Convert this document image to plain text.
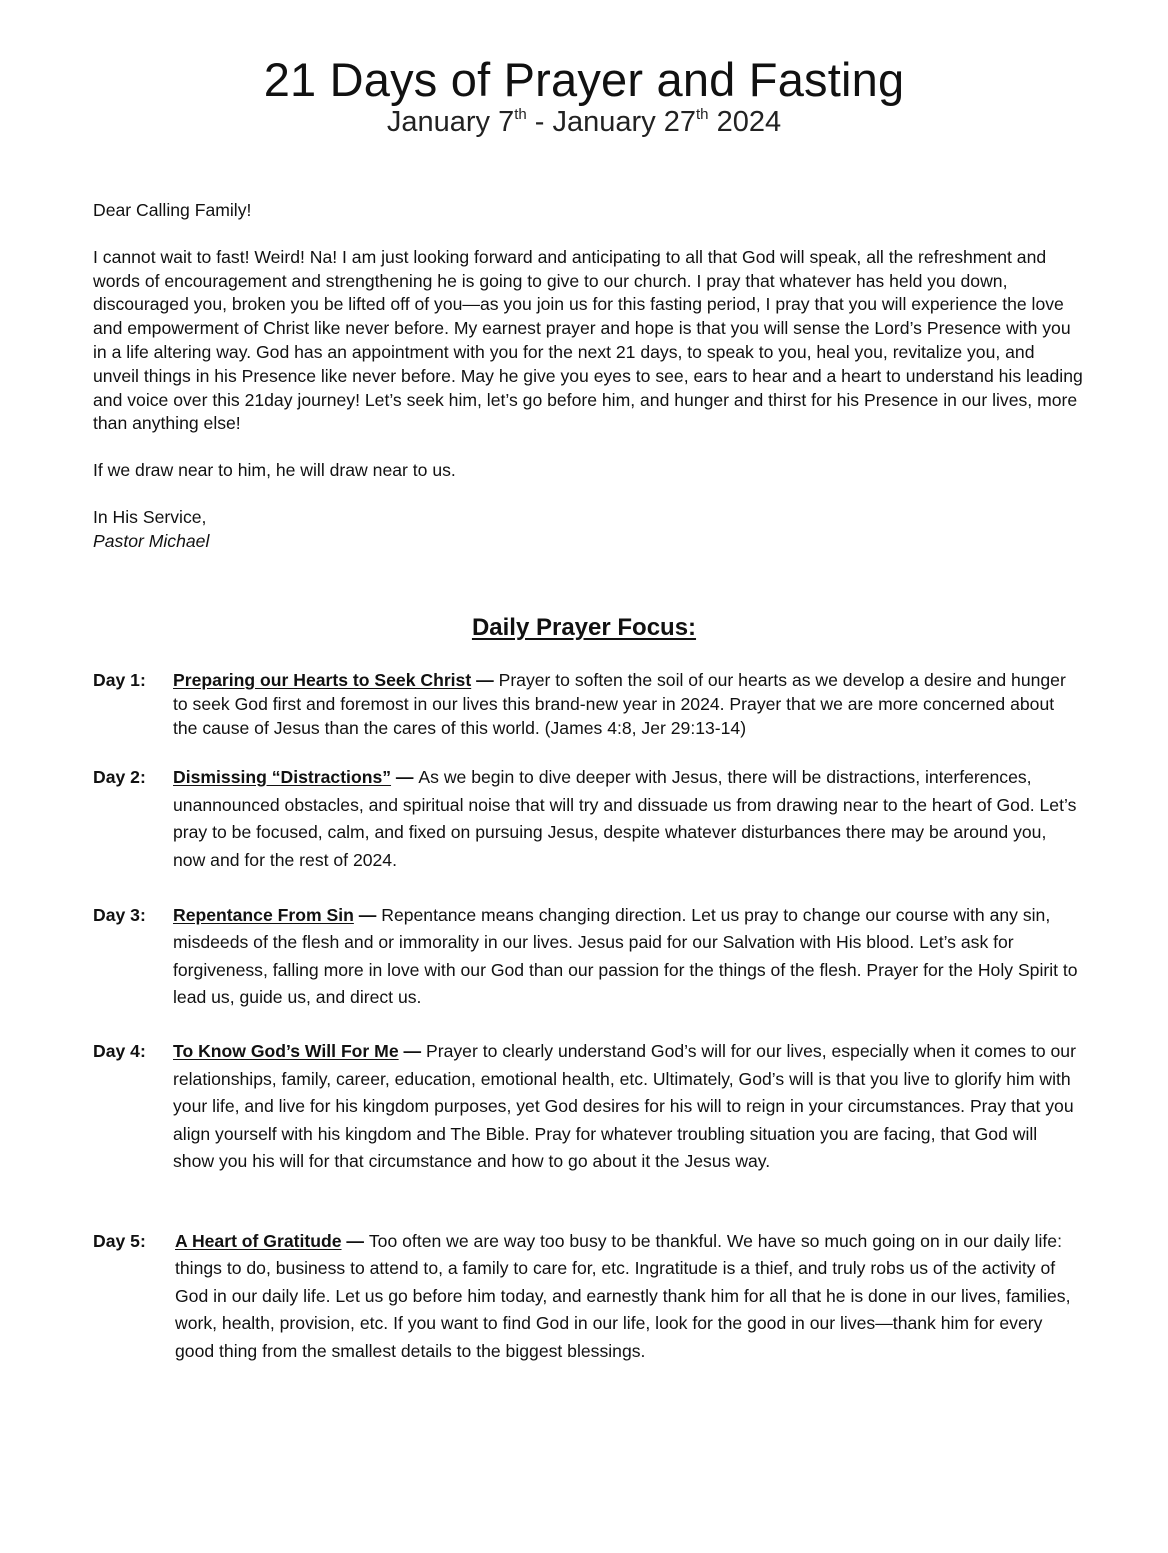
21 Days of Prayer and Fasting
January 7th - January 27th 2024

Dear Calling Family!

I cannot wait to fast! Weird! Na! I am just looking forward and anticipating to all that God will speak, all the refreshment and words of encouragement and strengthening he is going to give to our church. I pray that whatever has held you down, discouraged you, broken you be lifted off of you—as you join us for this fasting period, I pray that you will experience the love and empowerment of Christ like never before. My earnest prayer and hope is that you will sense the Lord’s Presence with you in a life altering way. God has an appointment with you for the next 21 days, to speak to you, heal you, revitalize you, and unveil things in his Presence like never before. May he give you eyes to see, ears to hear and a heart to understand his leading and voice over this 21day journey! Let’s seek him, let’s go before him, and hunger and thirst for his Presence in our lives, more than anything else!

If we draw near to him, he will draw near to us.

In His Service,

Pastor Michael

Daily Prayer Focus:
Day 1: Preparing our Hearts to Seek Christ — Prayer to soften the soil of our hearts as we develop a desire and hunger to seek God first and foremost in our lives this brand-new year in 2024. Prayer that we are more concerned about the cause of Jesus than the cares of this world. (James 4:8, Jer 29:13-14)
Day 2: Dismissing “Distractions” — As we begin to dive deeper with Jesus, there will be distractions, interferences, unannounced obstacles, and spiritual noise that will try and dissuade us from drawing near to the heart of God. Let’s pray to be focused, calm, and fixed on pursuing Jesus, despite whatever disturbances there may be around you, now and for the rest of 2024.
Day 3: Repentance From Sin — Repentance means changing direction. Let us pray to change our course with any sin, misdeeds of the flesh and or immorality in our lives. Jesus paid for our Salvation with His blood. Let’s ask for forgiveness, falling more in love with our God than our passion for the things of the flesh. Prayer for the Holy Spirit to lead us, guide us, and direct us.
Day 4: To Know God’s Will For Me — Prayer to clearly understand God’s will for our lives, especially when it comes to our relationships, family, career, education, emotional health, etc. Ultimately, God’s will is that you live to glorify him with your life, and live for his kingdom purposes, yet God desires for his will to reign in your circumstances. Pray that you align yourself with his kingdom and The Bible. Pray for whatever troubling situation you are facing, that God will show you his will for that circumstance and how to go about it the Jesus way.
Day 5: A Heart of Gratitude — Too often we are way too busy to be thankful. We have so much going on in our daily life: things to do, business to attend to, a family to care for, etc. Ingratitude is a thief, and truly robs us of the activity of God in our daily life. Let us go before him today, and earnestly thank him for all that he is done in our lives, families, work, health, provision, etc. If you want to find God in our life, look for the good in our lives—thank him for every good thing from the smallest details to the biggest blessings.
